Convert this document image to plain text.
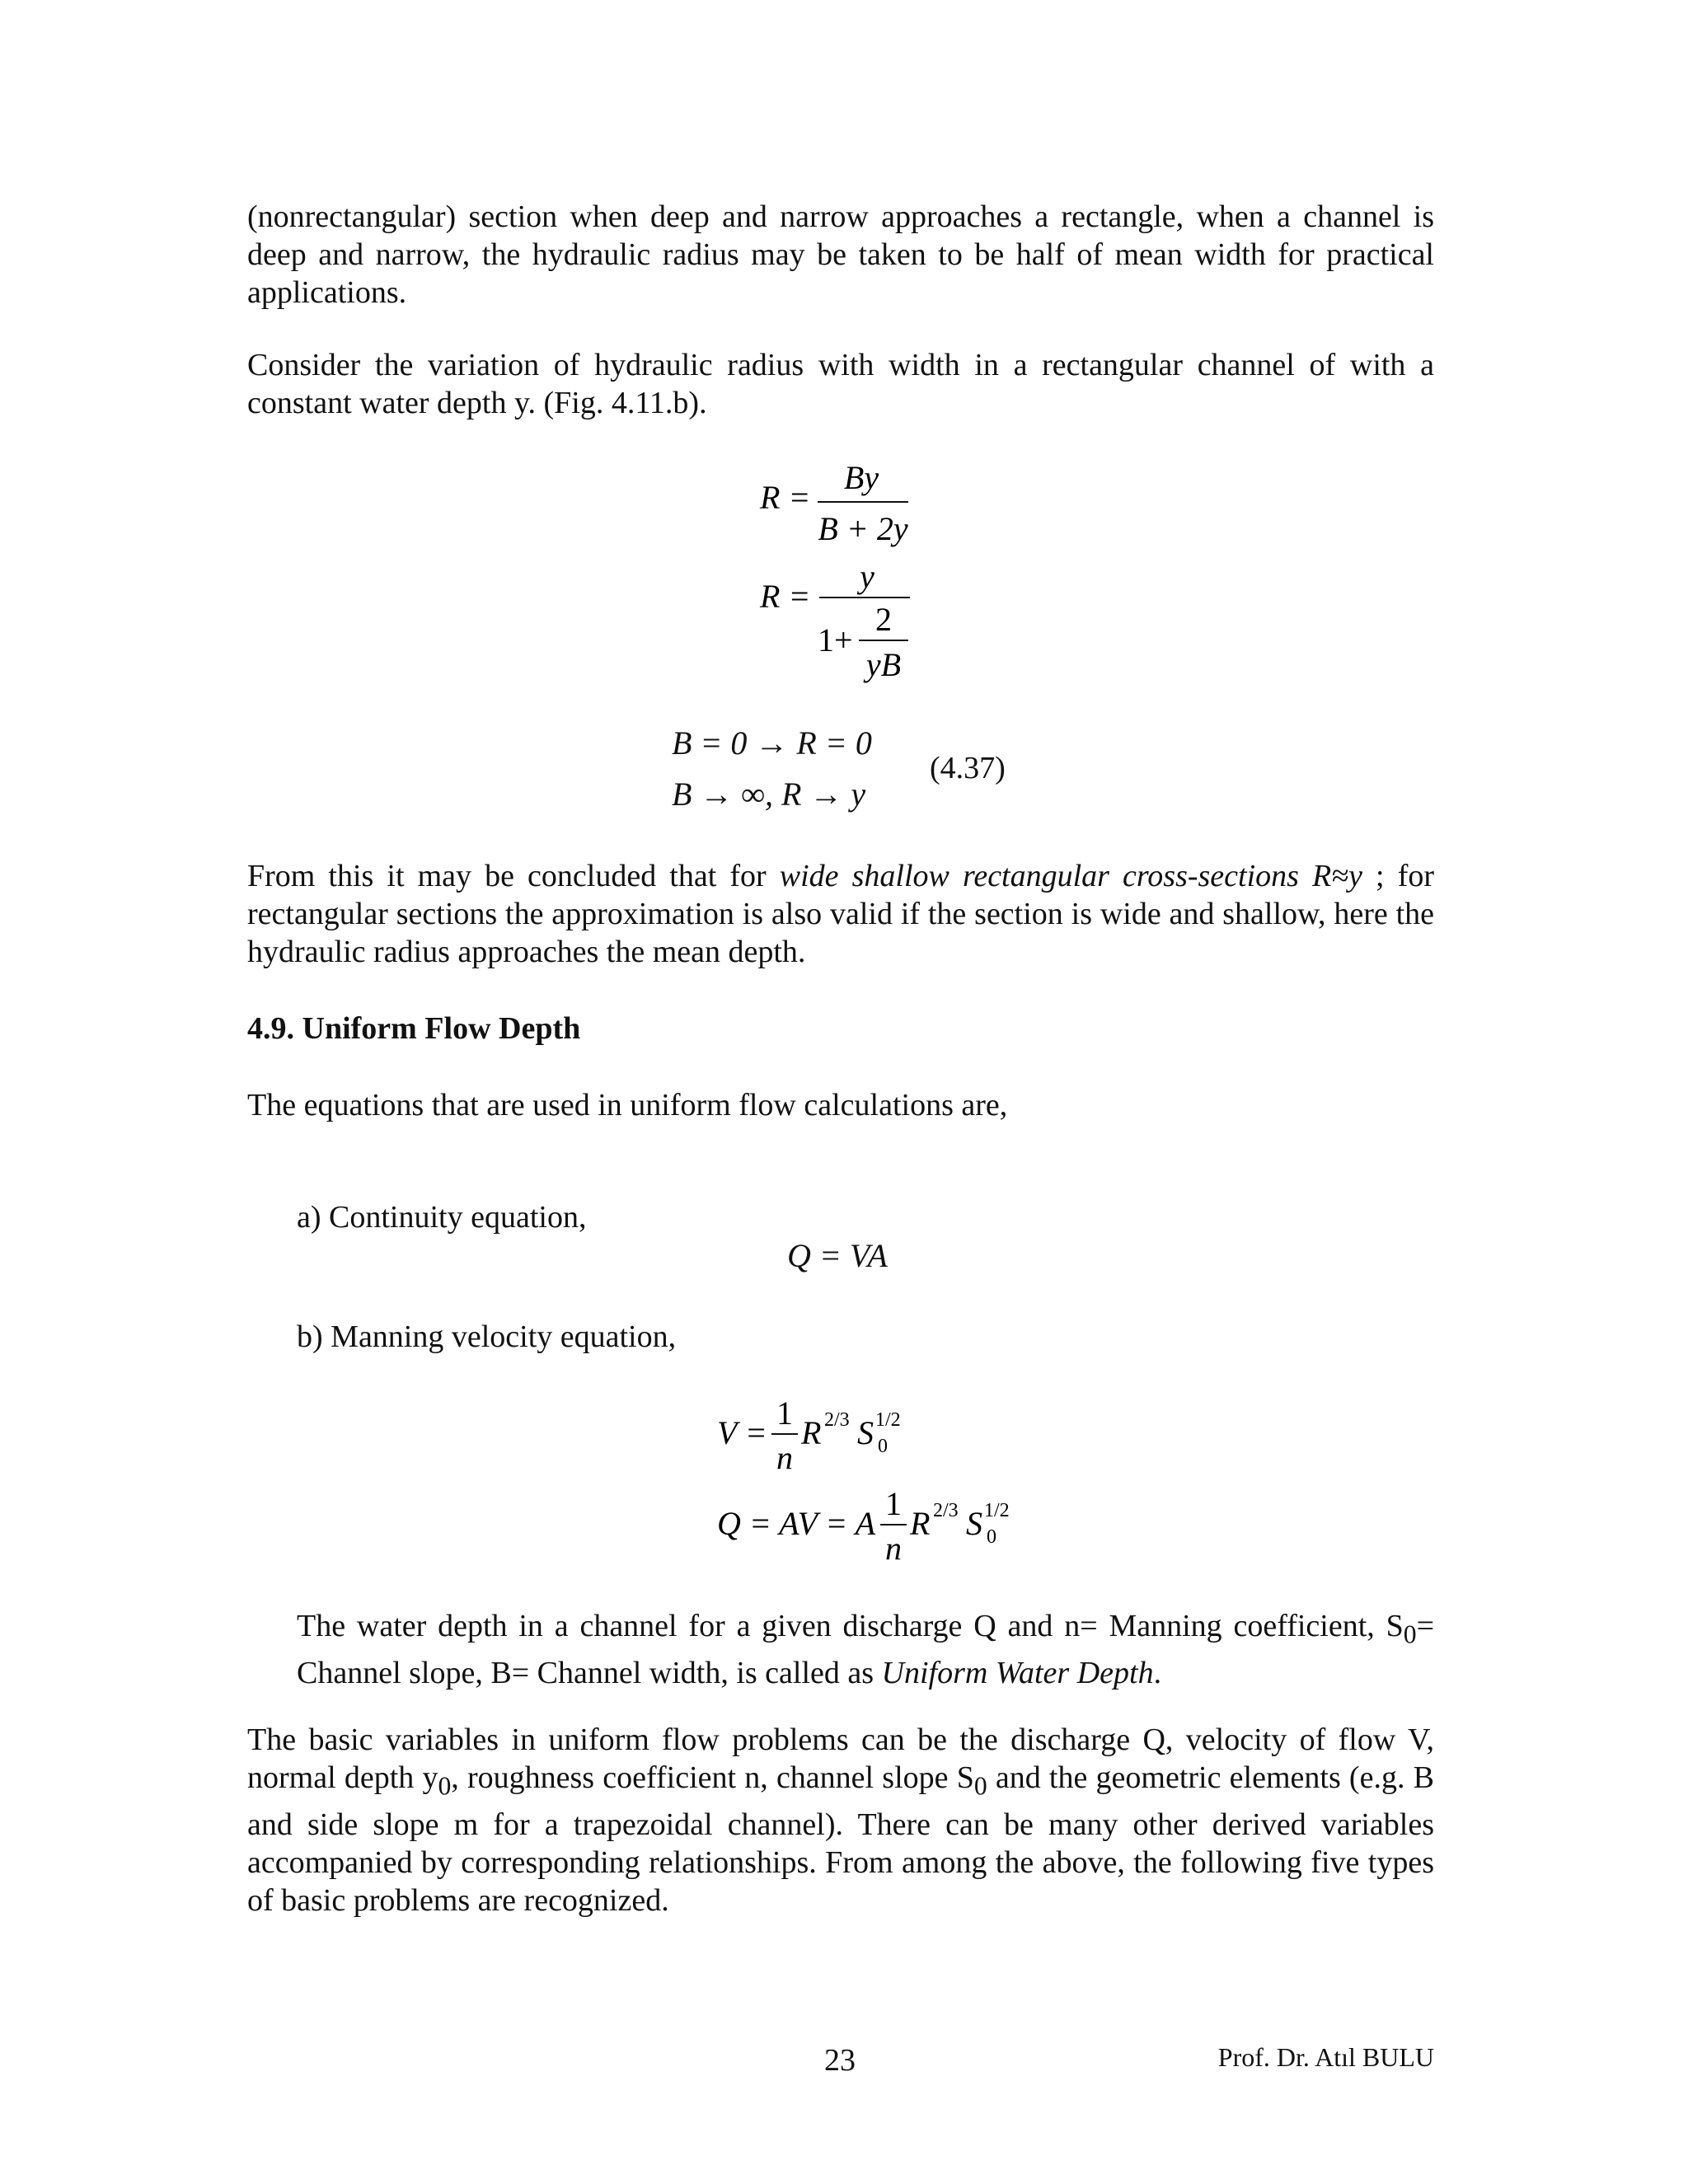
(nonrectangular) section when deep and narrow approaches a rectangle, when a channel is deep and narrow, the hydraulic radius may be taken to be half of mean width for practical applications.

Consider the variation of hydraulic radius with width in a rectangular channel of with a constant water depth y. (Fig. 4.11.b).

R =
By
B + 2y
R =
y
1+
2
yB
B = 0 → R = 0
B → ∞, R → y
(4.37)

From this it may be concluded that for wide shallow rectangular cross-sections R≈y ; for rectangular sections the approximation is also valid if the section is wide and shallow, here the hydraulic radius approaches the mean depth.

4.9. Uniform Flow Depth

The equations that are used in uniform flow calculations are,

a) Continuity equation,

Q = VA

b) Manning velocity equation,

V =
1
n
R 2/3 S 1/2
0
Q = AV = A
1
n
R 2/3 S 1/2
0

The water depth in a channel for a given discharge Q and n= Manning coefficient, $S_0=$ Channel slope, B= Channel width, is called as Uniform Water Depth.

The basic variables in uniform flow problems can be the discharge Q, velocity of flow V, normal depth $y_0$, roughness coefficient n, channel slope $S_0$ and the geometric elements (e.g. B and side slope m for a trapezoidal channel). There can be many other derived variables accompanied by corresponding relationships. From among the above, the following five types of basic problems are recognized.

23	Prof. Dr. Atıl BULU
